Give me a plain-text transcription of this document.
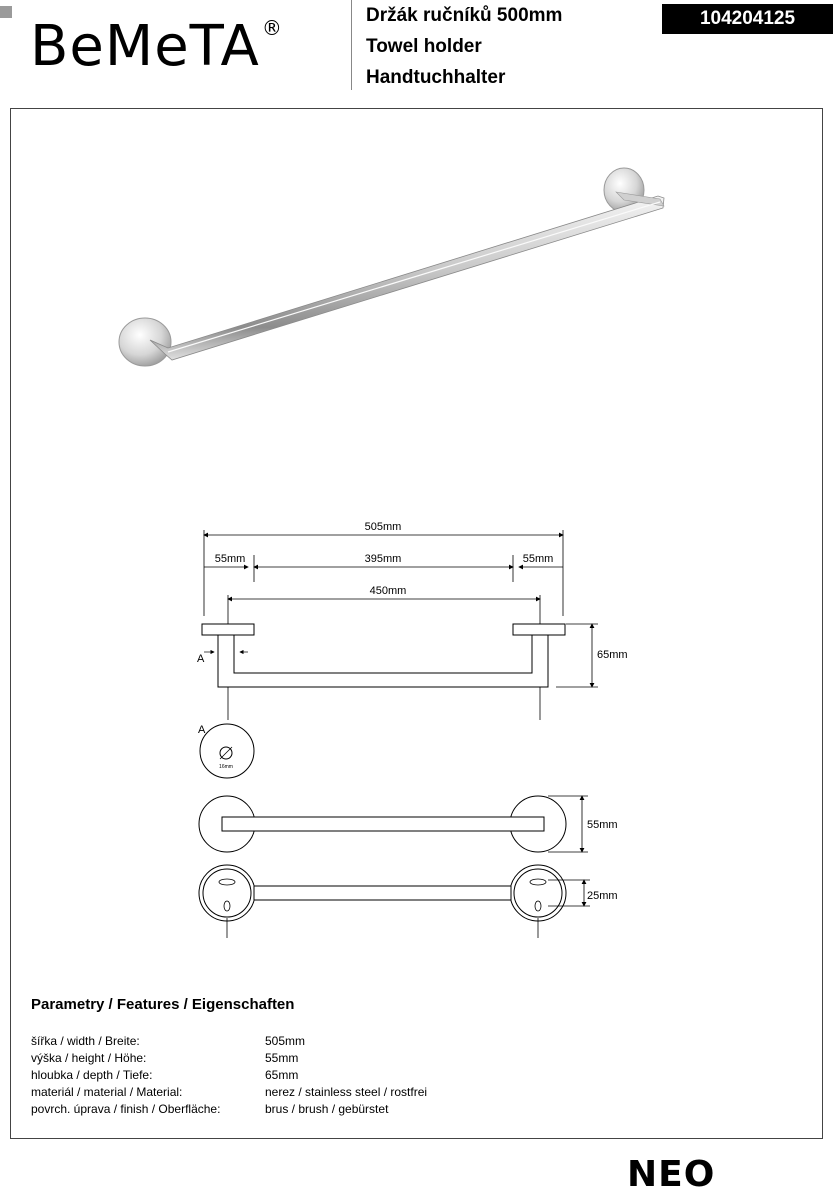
BeMeTA ®
Držák ručníků 500mm
Towel holder
Handtuchhalter
104204125
A
A
16mm
505mm
55mm	395mm	55mm
450mm
65mm
55mm
25mm
Parametry / Features / Eigenschaften
šířka / width / Breite:	505mm
výška / height / Höhe:	55mm
hloubka / depth / Tiefe:	65mm
materiál / material / Material:	nerez / stainless steel / rostfrei
povrch. úprava / finish / Oberfläche:	brus / brush / gebürstet
NEO
